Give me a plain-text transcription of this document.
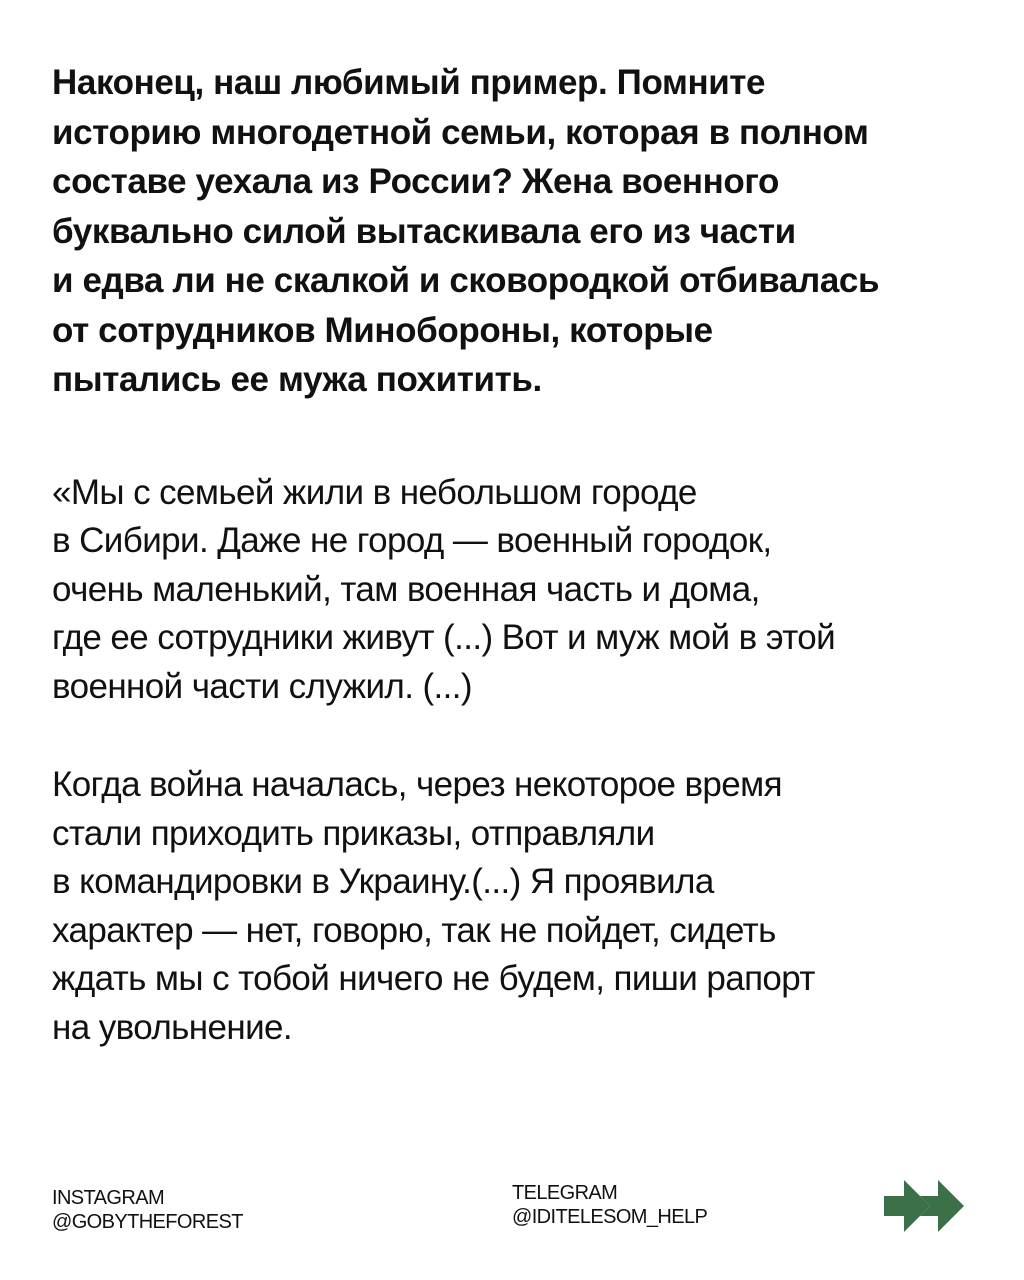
Наконец, наш любимый пример. Помните
историю многодетной семьи, которая в полном
составе уехала из России? Жена военного
буквально силой вытаскивала его из части
и едва ли не скалкой и сковородкой отбивалась
от сотрудников Минобороны, которые
пытались ее мужа похитить.

«Мы с семьей жили в небольшом городе
в Сибири. Даже не город — военный городок,
очень маленький, там военная часть и дома,
где ее сотрудники живут (...) Вот и муж мой в этой
военной части служил. (...)

Когда война началась, через некоторое время
стали приходить приказы, отправляли
в командировки в Украину.(...) Я проявила
характер — нет, говорю, так не пойдет, сидеть
ждать мы с тобой ничего не будем, пиши рапорт
на увольнение.

INSTAGRAM
@GOBYTHEFOREST
TELEGRAM
@IDITELESOM_HELP
